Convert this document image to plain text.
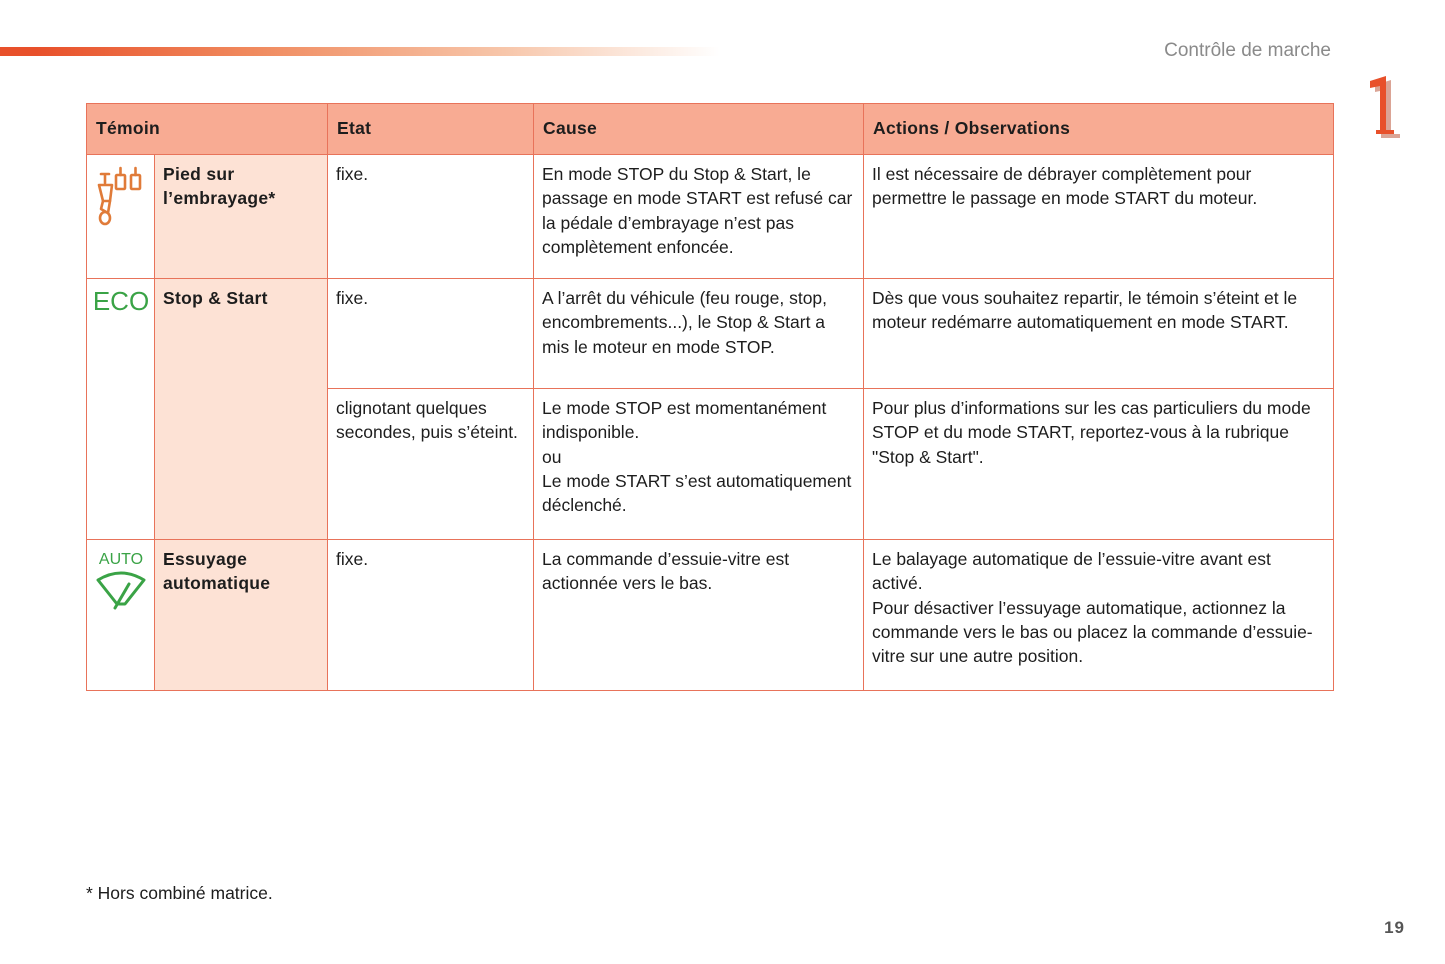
Contrôle de marche
1
Témoin		Etat	Cause	Actions / Observations

	Pied sur l’embrayage*	fixe.	En mode STOP du Stop & Start, le passage en mode START est refusé car la pédale d’embrayage n’est pas complètement enfoncée.	Il est nécessaire de débrayer complètement pour permettre le passage en mode START du moteur.

ECO	Stop & Start	fixe.	A l’arrêt du véhicule (feu rouge, stop, encombrements...), le Stop & Start a mis le moteur en mode STOP.	Dès que vous souhaitez repartir, le témoin s’éteint et le moteur redémarre automatiquement en mode START.
		clignotant quelques secondes, puis s’éteint.	Le mode STOP est momentanément indisponible.
ou
Le mode START s’est automatiquement déclenché.	Pour plus d’informations sur les cas particuliers du mode STOP et du mode START, reportez-vous à la rubrique "Stop & Start".

AUTO	Essuyage automatique	fixe.	La commande d’essuie-vitre est actionnée vers le bas.	Le balayage automatique de l’essuie-vitre avant est activé.
Pour désactiver l’essuyage automatique, actionnez la commande vers le bas ou placez la commande d’essuie-vitre sur une autre position.
* Hors combiné matrice.
19
